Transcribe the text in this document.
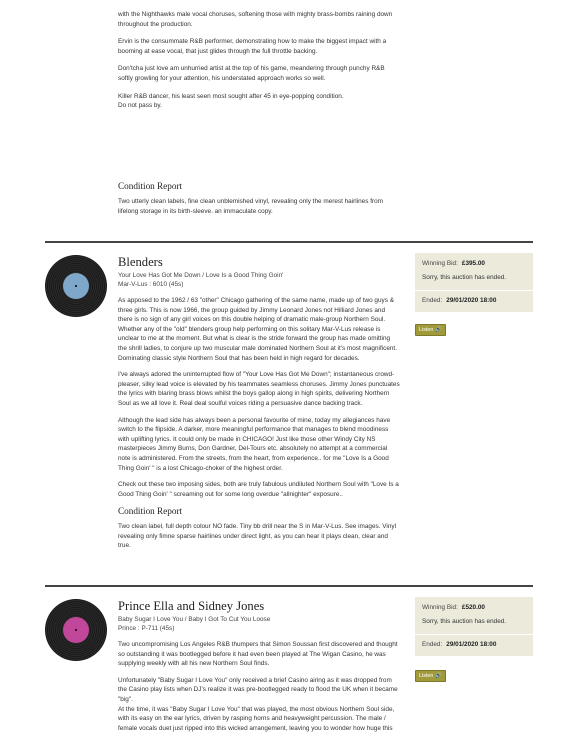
with the Nighthawks male vocal choruses, softening those with mighty brass-bombs raining down throughout the production.

Ervin is the consummate R&B performer, demonstrating how to make the biggest impact with a booming at ease vocal, that just glides through the full throttle backing.

Don'tcha just love am unhurried artist at the top of his game, meandering through punchy R&B softly growling for your attention, his understated approach works so well.

Killer R&B dancer, his least seen most sought after 45 in eye-popping condition.
Do not pass by.
Condition Report

Two utterly clean labels, fine clean unblemished vinyl, revealing only the merest hairlines from lifelong storage in its birth-sleeve. an immaculate copy.

Blenders
Your Love Has Got Me Down / Love Is a Good Thing Goin'
Mar-V-Lus : 6010 (45s)

As apposed to the 1962 / 63 "other" Chicago gathering of the same name, made up of two guys & three girls. This is now 1966, the group guided by Jimmy Leonard Jones not Hilliard Jones and there is no sign of any girl voices on this double helping of dramatic male-group Northern Soul. Whether any of the "old" blenders group help performing on this solitary Mar-V-Lus release is unclear to me at the moment. But what is clear is the stride forward the group has made omitting the shrill ladies, to conjure up two muscular male dominated Northern Soul at it's most magnificent. Dominating classic style Northern Soul that has been held in high regard for decades.

I've always adored the uninterrupted flow of "Your Love Has Got Me Down"; instantaneous crowd-pleaser, silky lead voice is elevated by his teammates seamless choruses. Jimmy Jones punctuates the lyrics with blaring brass blows whilst the boys gallop along in high spirits, delivering Northern Soul as we all love it. Real deal soulful voices riding a persuasive dance backing track.

Although the lead side has always been a personal favourite of mine, today my allegiances have switch to the flipside. A darker, more meaningful performance that manages to blend moodiness with uplifting lyrics. It could only be made in CHICAGO! Just like those other Windy City NS masterpieces Jimmy Burns, Don Gardner, Del-Tours etc. absolutely no attempt at a commercial note is administered. From the streets, from the heart, from experience.. for me "Love Is a Good Thing Goin' " is a lost Chicago-choker of the highest order.

Check out these two imposing sides, both are truly fabulous undiluted Northern Soul with "Love Is a Good Thing Goin' " screaming out for some long overdue "allnighter" exposure..

Condition Report

Two clean label, full depth colour NO fade. Tiny bb drill near the S in Mar-V-Lus. See images. Vinyl revealing only fimne sparse hairlines under direct light, as you can hear it plays clean, clear and true.

Winning Bid: £395.00
Sorry, this auction has ended.
Ended: 29/01/2020 18:00
Listen 🔊
Prince Ella and Sidney Jones
Baby Sugar I Love You / Baby I Got To Cut You Loose
Prince : P-711 (45s)

Two uncompromising Los Angeles R&B thumpers that Simon Soussan first discovered and thought so outstanding it was bootlegged before it had even been played at The Wigan Casino, he was supplying weekly with all his new Northern Soul finds.

Unfortunately "Baby Sugar I Love You" only received a brief Casino airing as it was dropped from the Casino play lists when DJ's realize it was pre-bootlegged ready to flood the UK when it became "big".
At the time, it was "Baby Sugar I Love You" that was played, the most obvious Northern Soul side, with its easy on the ear lyrics, driven by rasping horns and heavyweight percussion. The male / female vocals duet just ripped into this wicked arrangement, leaving you to wonder how huge this
Winning Bid: £520.00
Sorry, this auction has ended.
Ended: 29/01/2020 18:00
Listen 🔊
